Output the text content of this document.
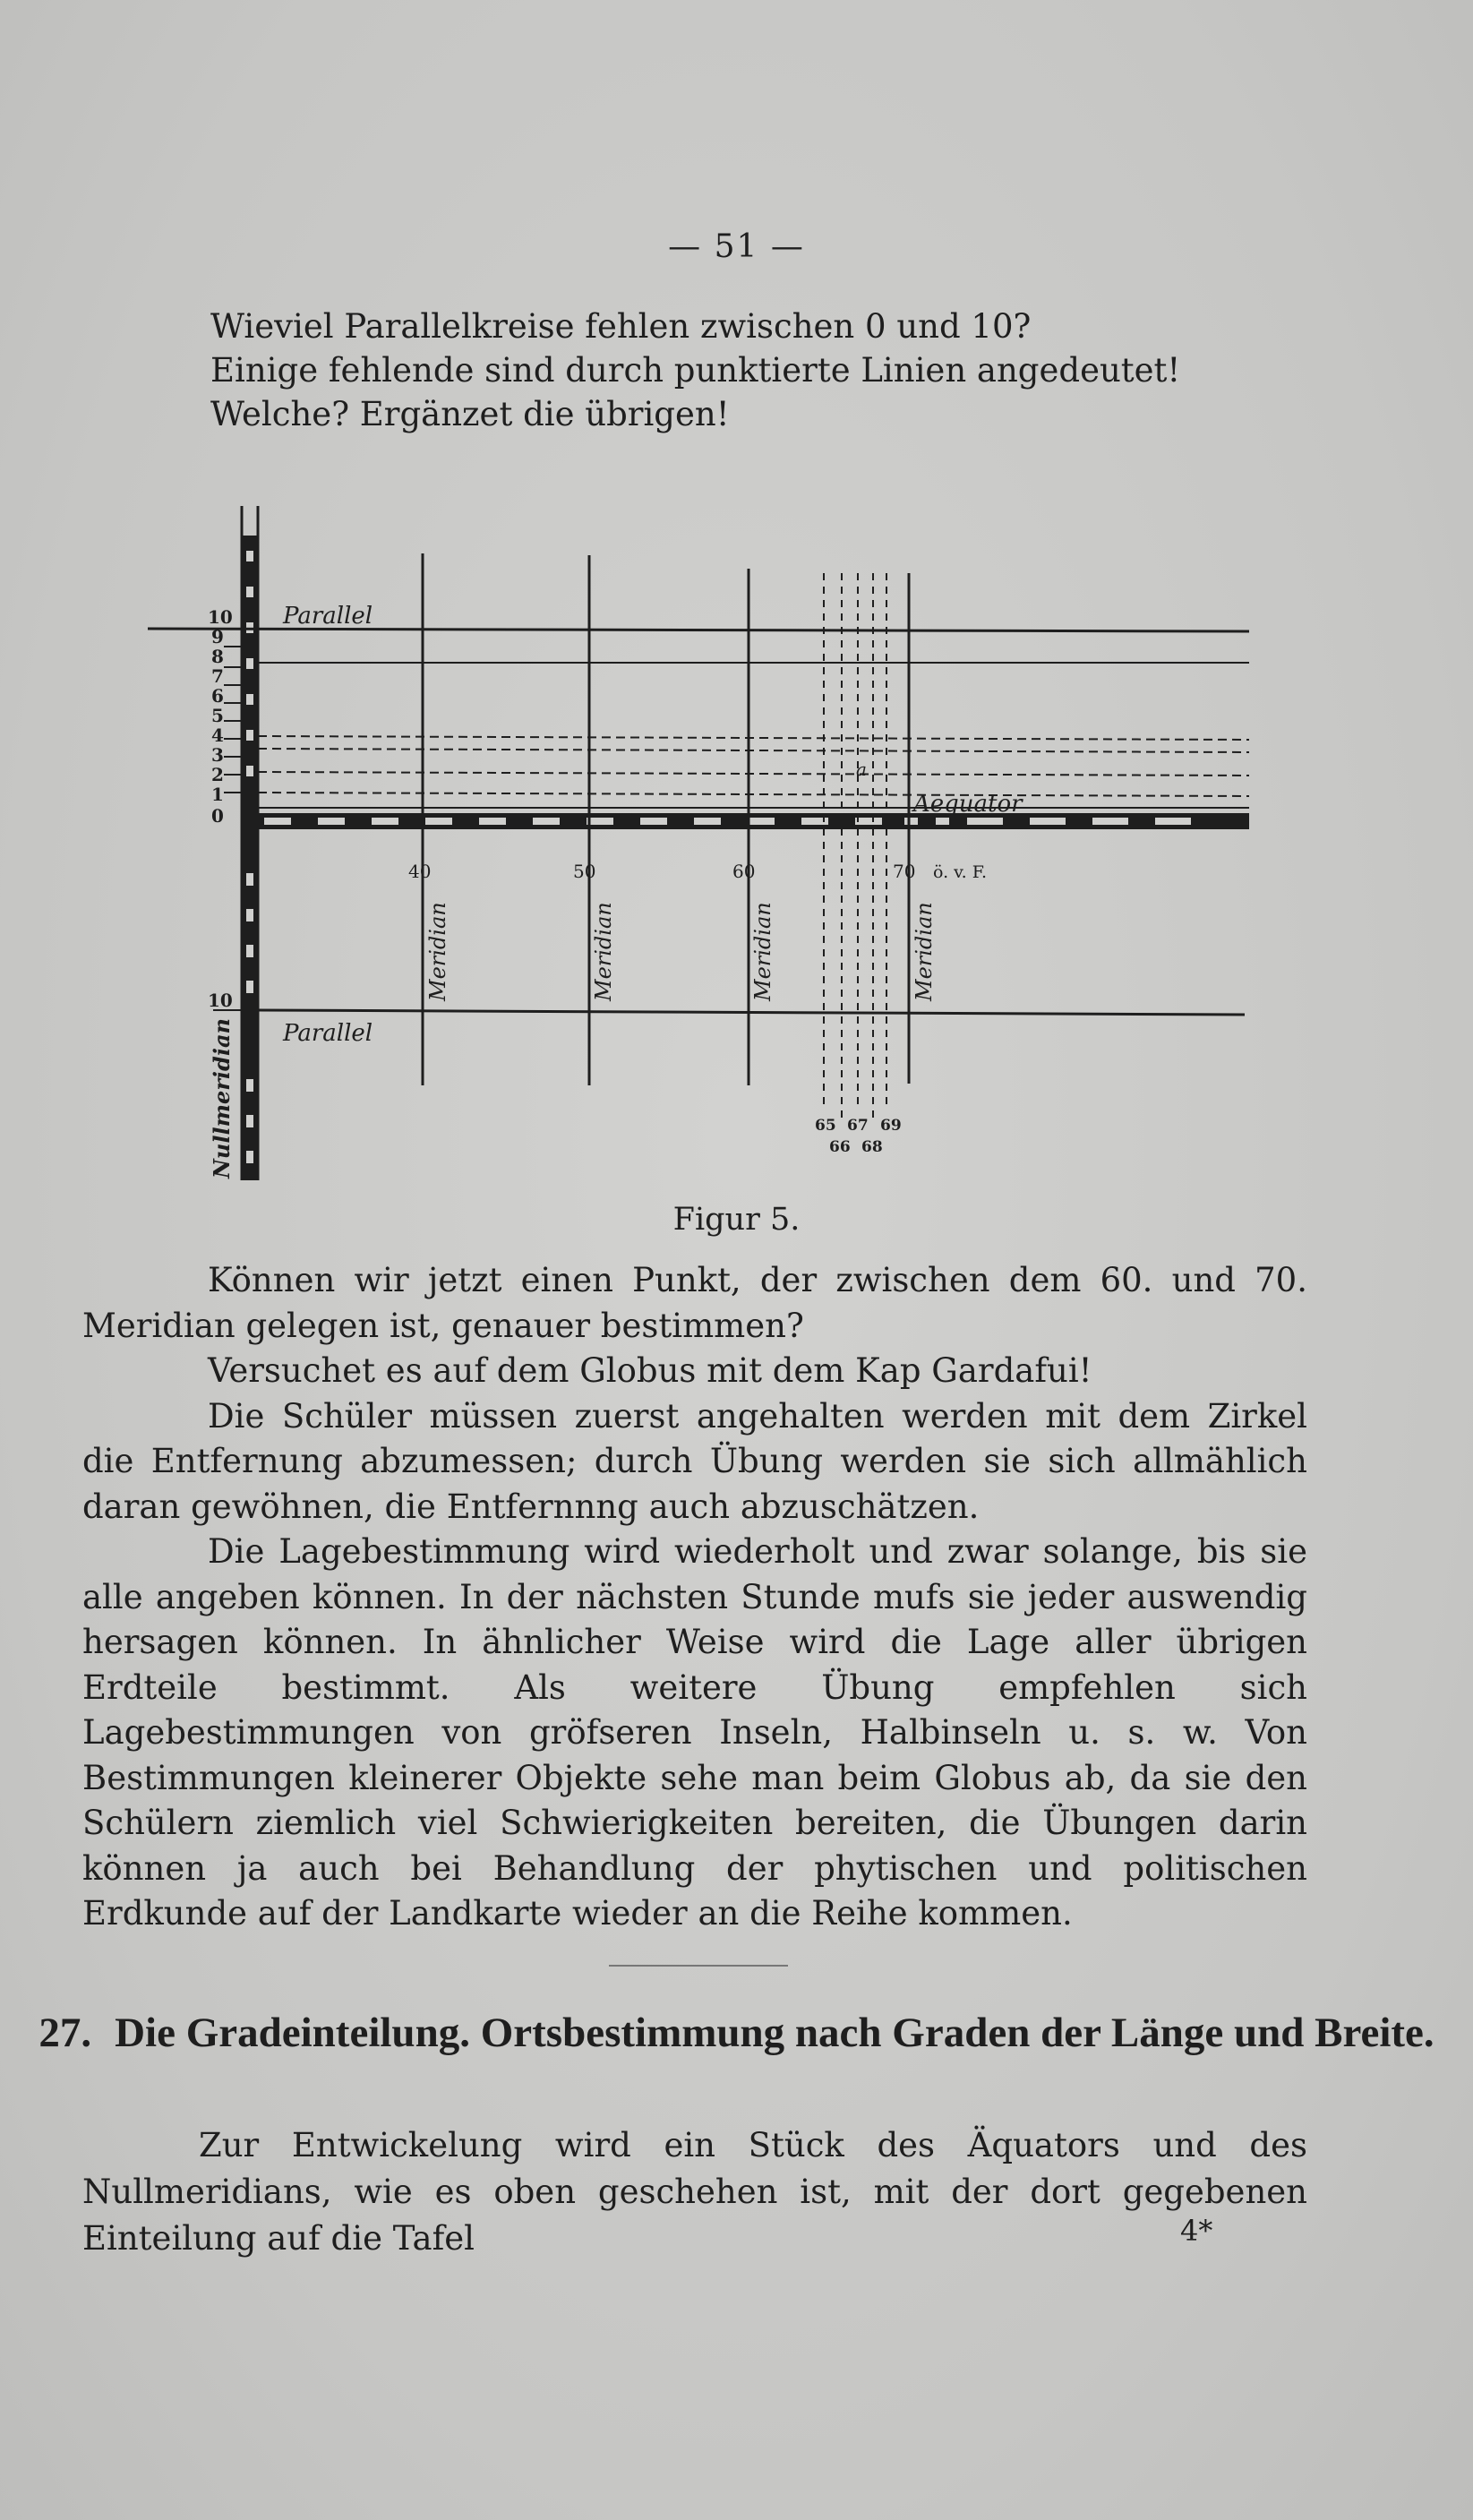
— 51 —
Wieviel Parallelkreise fehlen zwischen 0 und 10?
Einige fehlende sind durch punktierte Linien angedeutet!
Welche? Ergänzet die übrigen!
10
9
8
7
6
5
4
3
2
1
0
10
Parallel
Parallel
Aequator
a
Nullmeridian
40	50	60	70 ö. v. F.
Meridian	Meridian	Meridian	Meridian
65 67 69
66 68
Figur 5.

Können wir jetzt einen Punkt, der zwischen dem 60. und 70. Meridian gelegen ist, genauer bestimmen?

Versuchet es auf dem Globus mit dem Kap Gardafui!

Die Schüler müssen zuerst angehalten werden mit dem Zirkel die Entfernung abzumessen; durch Übung werden sie sich allmählich daran gewöhnen, die Entfernnng auch abzuschätzen.

Die Lagebestimmung wird wiederholt und zwar solange, bis sie alle angeben können. In der nächsten Stunde mufs sie jeder auswendig hersagen können. In ähnlicher Weise wird die Lage aller übrigen Erdteile bestimmt. Als weitere Übung empfehlen sich Lagebestimmungen von gröfseren Inseln, Halbinseln u. s. w. Von Bestimmungen kleinerer Objekte sehe man beim Globus ab, da sie den Schülern ziemlich viel Schwierigkeiten bereiten, die Übungen darin können ja auch bei Behandlung der phytischen und politischen Erdkunde auf der Landkarte wieder an die Reihe kommen.

27. Die Gradeinteilung. Ortsbestimmung nach Graden der Länge und Breite.

Zur Entwickelung wird ein Stück des Äquators und des Nullmeridians, wie es oben geschehen ist, mit der dort gegebenen Einteilung auf die Tafel	4*
